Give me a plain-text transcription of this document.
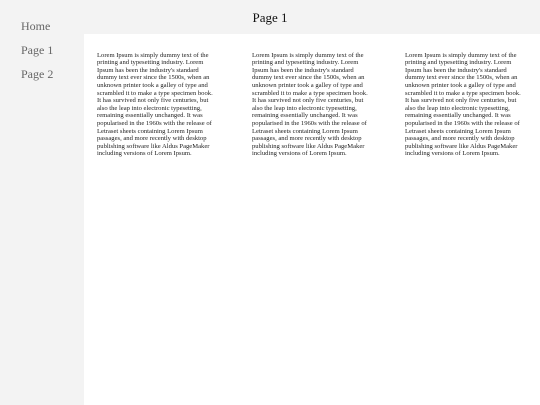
Home
Page 1
Page 2
Page 1

Lorem Ipsum is simply dummy text of the printing and typesetting industry. Lorem Ipsum has been the industry's standard dummy text ever since the 1500s, when an unknown printer took a galley of type and scrambled it to make a type specimen book. It has survived not only five centuries, but also the leap into electronic typesetting, remaining essentially unchanged. It was popularised in the 1960s with the release of Letraset sheets containing Lorem Ipsum passages, and more recently with desktop publishing software like Aldus PageMaker including versions of Lorem Ipsum.

Lorem Ipsum is simply dummy text of the printing and typesetting industry. Lorem Ipsum has been the industry's standard dummy text ever since the 1500s, when an unknown printer took a galley of type and scrambled it to make a type specimen book. It has survived not only five centuries, but also the leap into electronic typesetting, remaining essentially unchanged. It was popularised in the 1960s with the release of Letraset sheets containing Lorem Ipsum passages, and more recently with desktop publishing software like Aldus PageMaker including versions of Lorem Ipsum.

Lorem Ipsum is simply dummy text of the printing and typesetting industry. Lorem Ipsum has been the industry's standard dummy text ever since the 1500s, when an unknown printer took a galley of type and scrambled it to make a type specimen book. It has survived not only five centuries, but also the leap into electronic typesetting, remaining essentially unchanged. It was popularised in the 1960s with the release of Letraset sheets containing Lorem Ipsum passages, and more recently with desktop publishing software like Aldus PageMaker including versions of Lorem Ipsum.
